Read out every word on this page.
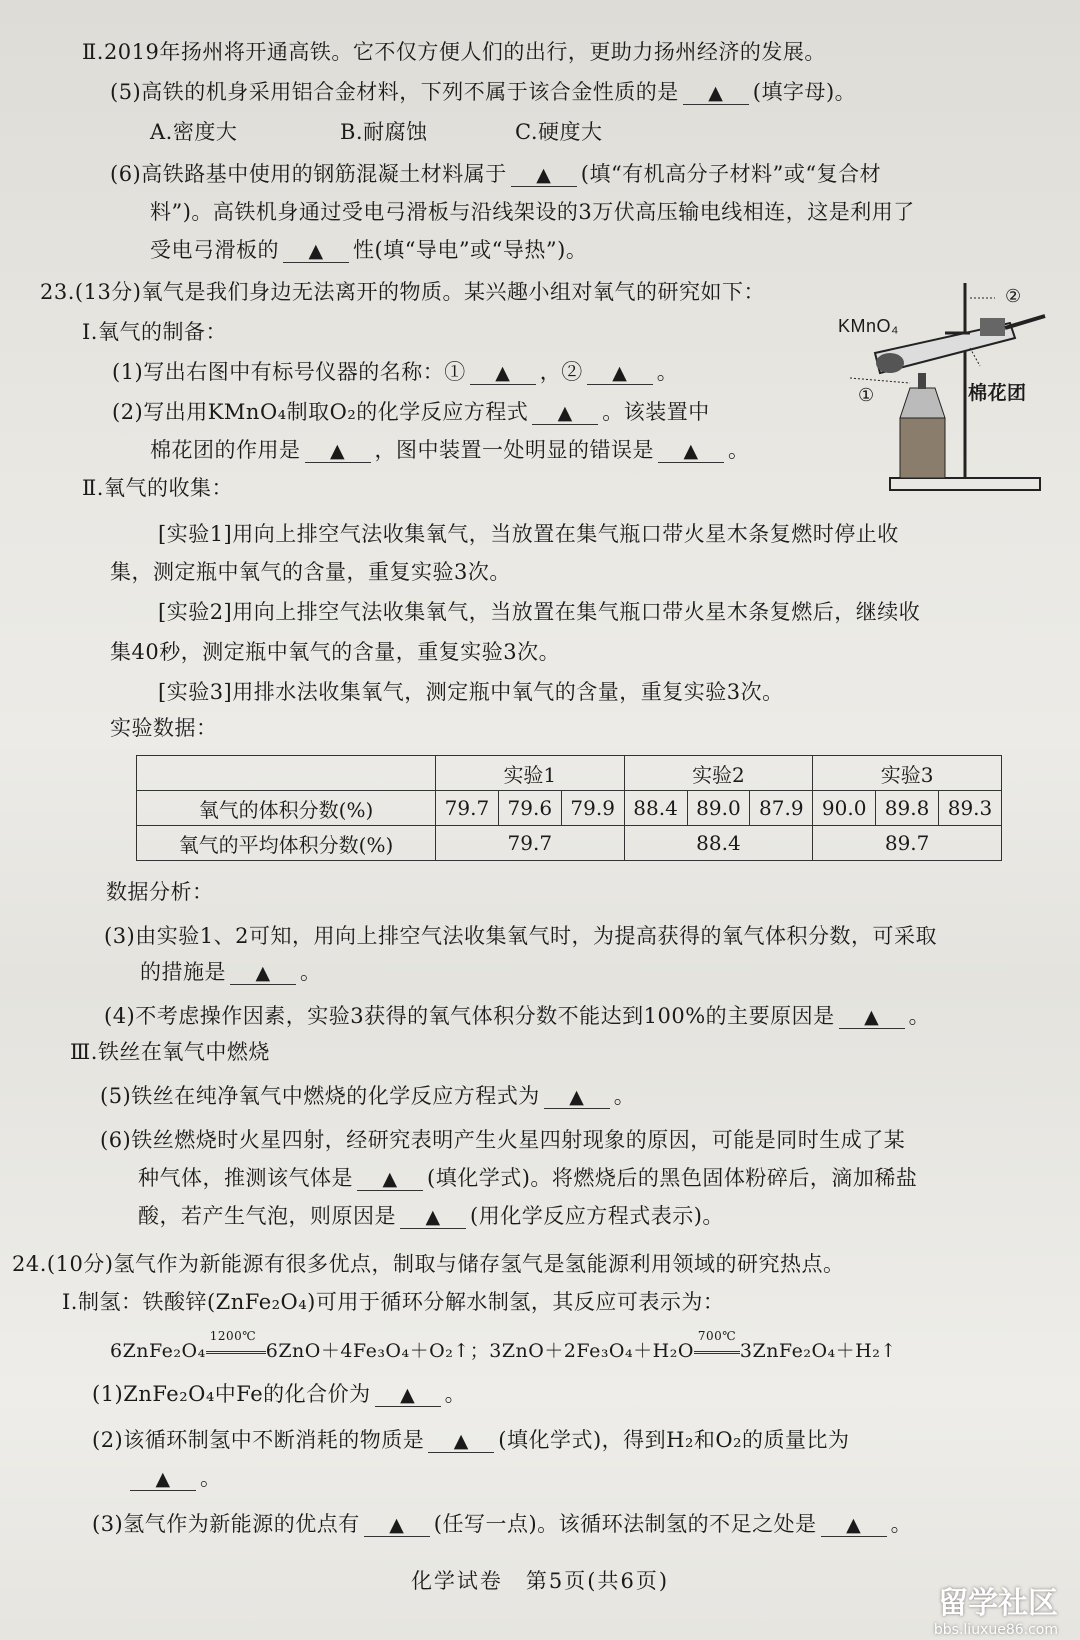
Ⅱ.2019年扬州将开通高铁。它不仅方便人们的出行，更助力扬州经济的发展。
(5)高铁的机身采用铝合金材料，下列不属于该合金性质的是 ▲	(填字母)。
A.密度大	B.耐腐蚀	C.硬度大
(6)高铁路基中使用的钢筋混凝土材料属于 ▲	(填“有机高分子材料”或“复合材
料”)。高铁机身通过受电弓滑板与沿线架设的3万伏高压输电线相连，这是利用了
受电弓滑板的 ▲	性(填“导电”或“导热”)。
23.(13分)氧气是我们身边无法离开的物质。某兴趣小组对氧气的研究如下：
Ⅰ.氧气的制备：
(1)写出右图中有标号仪器的名称：① ▲	，② ▲	。
(2)写出用KMnO₄制取O₂的化学反应方程式 ▲	。该装置中
棉花团的作用是 ▲	，图中装置一处明显的错误是 ▲	。
②
KMnO₄
棉花团
①
Ⅱ.氧气的收集：
[实验1]用向上排空气法收集氧气，当放置在集气瓶口带火星木条复燃时停止收
集，测定瓶中氧气的含量，重复实验3次。
[实验2]用向上排空气法收集氧气，当放置在集气瓶口带火星木条复燃后，继续收
集40秒，测定瓶中氧气的含量，重复实验3次。
[实验3]用排水法收集氧气，测定瓶中氧气的含量，重复实验3次。
实验数据：
	实验1			实验2			实验3		
氧气的体积分数(%)	79.7	79.6	79.9	88.4	89.0	87.9	90.0	89.8	89.3
氧气的平均体积分数(%)	79.7			88.4			89.7		
数据分析：
(3)由实验1、2可知，用向上排空气法收集氧气时，为提高获得的氧气体积分数，可采取
的措施是 ▲	。
(4)不考虑操作因素，实验3获得的氧气体积分数不能达到100%的主要原因是 ▲	。
Ⅲ.铁丝在氧气中燃烧
(5)铁丝在纯净氧气中燃烧的化学反应方程式为 ▲	。
(6)铁丝燃烧时火星四射，经研究表明产生火星四射现象的原因，可能是同时生成了某
种气体，推测该气体是 ▲	(填化学式)。将燃烧后的黑色固体粉碎后，滴加稀盐
酸，若产生气泡，则原因是 ▲	(用化学反应方程式表示)。
24.(10分)氢气作为新能源有很多优点，制取与储存氢气是氢能源利用领域的研究热点。
Ⅰ.制氢：铁酸锌(ZnFe₂O₄)可用于循环分解水制氢，其反应可表示为：
6ZnFe₂O₄
1200℃
6ZnO＋4Fe₃O₄＋O₂↑；3ZnO＋2Fe₃O₄＋H₂O
700℃
3ZnFe₂O₄＋H₂↑
(1)ZnFe₂O₄中Fe的化合价为 ▲	。
(2)该循环制氢中不断消耗的物质是 ▲	(填化学式)，得到H₂和O₂的质量比为
▲。
(3)氢气作为新能源的优点有 ▲	(任写一点)。该循环法制氢的不足之处是 ▲	。
化学试卷　第5页(共6页)
留学社区
bbs.liuxue86.com
